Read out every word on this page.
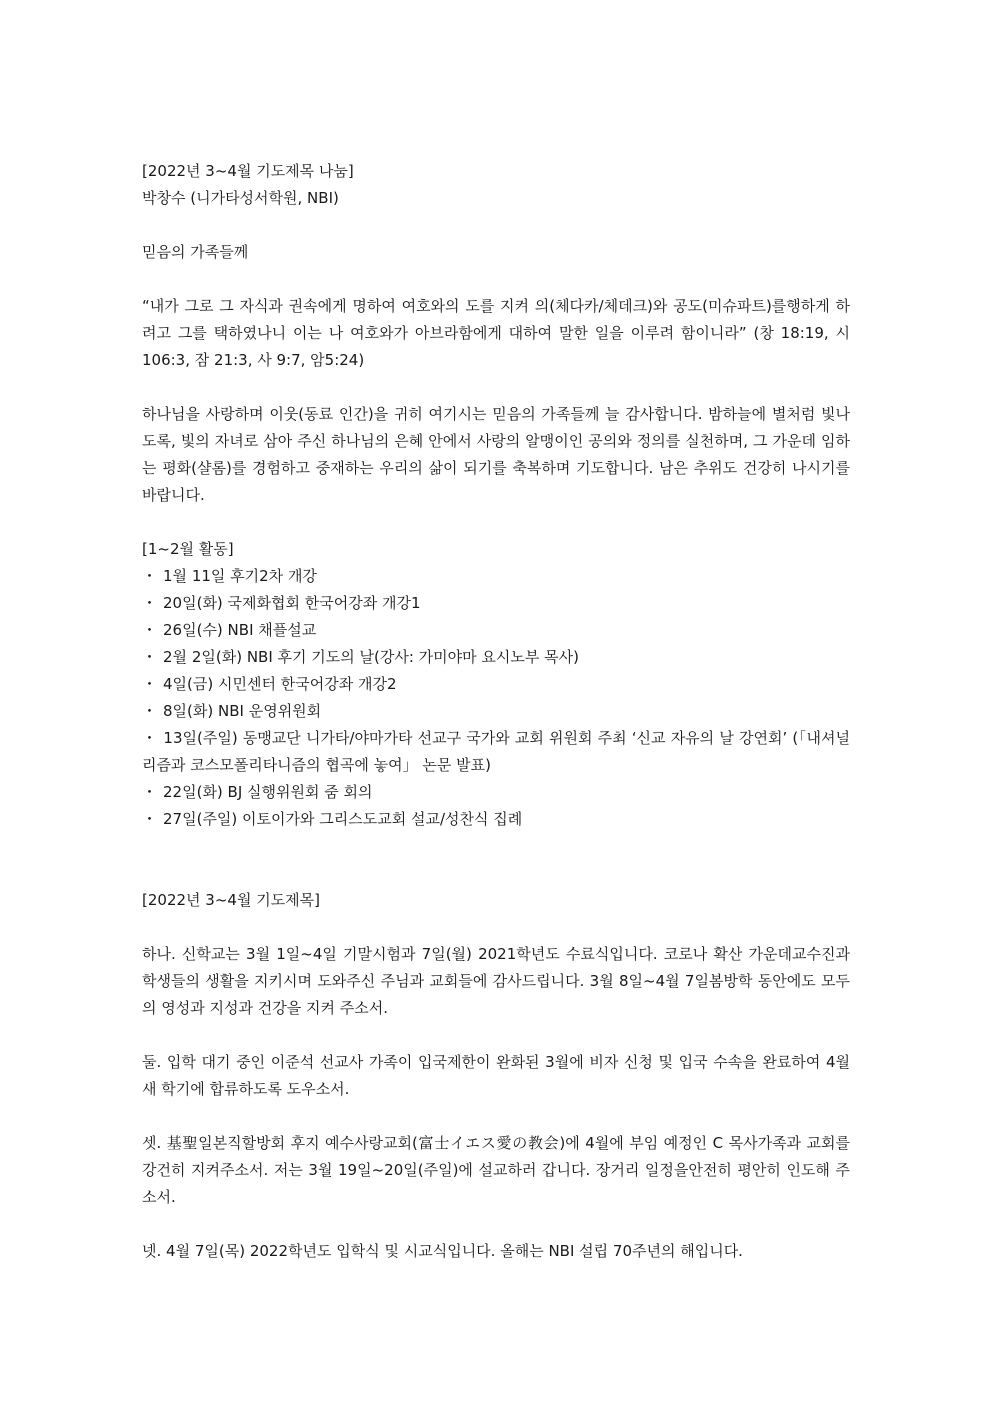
[2022년 3~4월 기도제목 나눔]

박창수 (니가타성서학원, NBI)

믿음의 가족들께

“내가 그로 그 자식과 권속에게 명하여 여호와의 도를 지켜 의(체다카/체데크)와 공도(미슈파트)를행하게 하려고 그를 택하였나니 이는 나 여호와가 아브라함에게 대하여 말한 일을 이루려 함이니라” (창 18:19, 시 106:3, 잠 21:3, 사 9:7, 암5:24)

하나님을 사랑하며 이웃(동료 인간)을 귀히 여기시는 믿음의 가족들께 늘 감사합니다. 밤하늘에 별처럼 빛나도록, 빛의 자녀로 삼아 주신 하나님의 은혜 안에서 사랑의 알맹이인 공의와 정의를 실천하며, 그 가운데 임하는 평화(샬롬)를 경험하고 중재하는 우리의 삶이 되기를 축복하며 기도합니다. 남은 추위도 건강히 나시기를 바랍니다.

[1~2월 활동]

・ 1월 11일 후기2차 개강
・ 20일(화) 국제화협회 한국어강좌 개강1
・ 26일(수) NBI 채플설교
・ 2월 2일(화) NBI 후기 기도의 날(강사: 가미야마 요시노부 목사)
・ 4일(금) 시민센터 한국어강좌 개강2
・ 8일(화) NBI 운영위원회
・ 13일(주일) 동맹교단 니가타/야마가타 선교구 국가와 교회 위원회 주최 ‘신교 자유의 날 강연회’ (「내셔널리즘과 코스모폴리타니즘의 협곡에 놓여」 논문 발표)
・ 22일(화) BJ 실행위원회 줌 회의
・ 27일(주일) 이토이가와 그리스도교회 설교/성찬식 집례

[2022년 3~4월 기도제목]

하나. 신학교는 3월 1일~4일 기말시험과 7일(월) 2021학년도 수료식입니다. 코로나 확산 가운데교수진과 학생들의 생활을 지키시며 도와주신 주님과 교회들에 감사드립니다. 3월 8일~4월 7일봄방학 동안에도 모두의 영성과 지성과 건강을 지켜 주소서.

둘. 입학 대기 중인 이준석 선교사 가족이 입국제한이 완화된 3월에 비자 신청 및 입국 수속을 완료하여 4월 새 학기에 합류하도록 도우소서.

셋. 基聖일본직할방회 후지 예수사랑교회(富士イエス愛の教会)에 4월에 부임 예정인 C 목사가족과 교회를 강건히 지켜주소서. 저는 3월 19일~20일(주일)에 설교하러 갑니다. 장거리 일정을안전히 평안히 인도해 주소서.

넷. 4월 7일(목) 2022학년도 입학식 및 시교식입니다. 올해는 NBI 설립 70주년의 해입니다.
